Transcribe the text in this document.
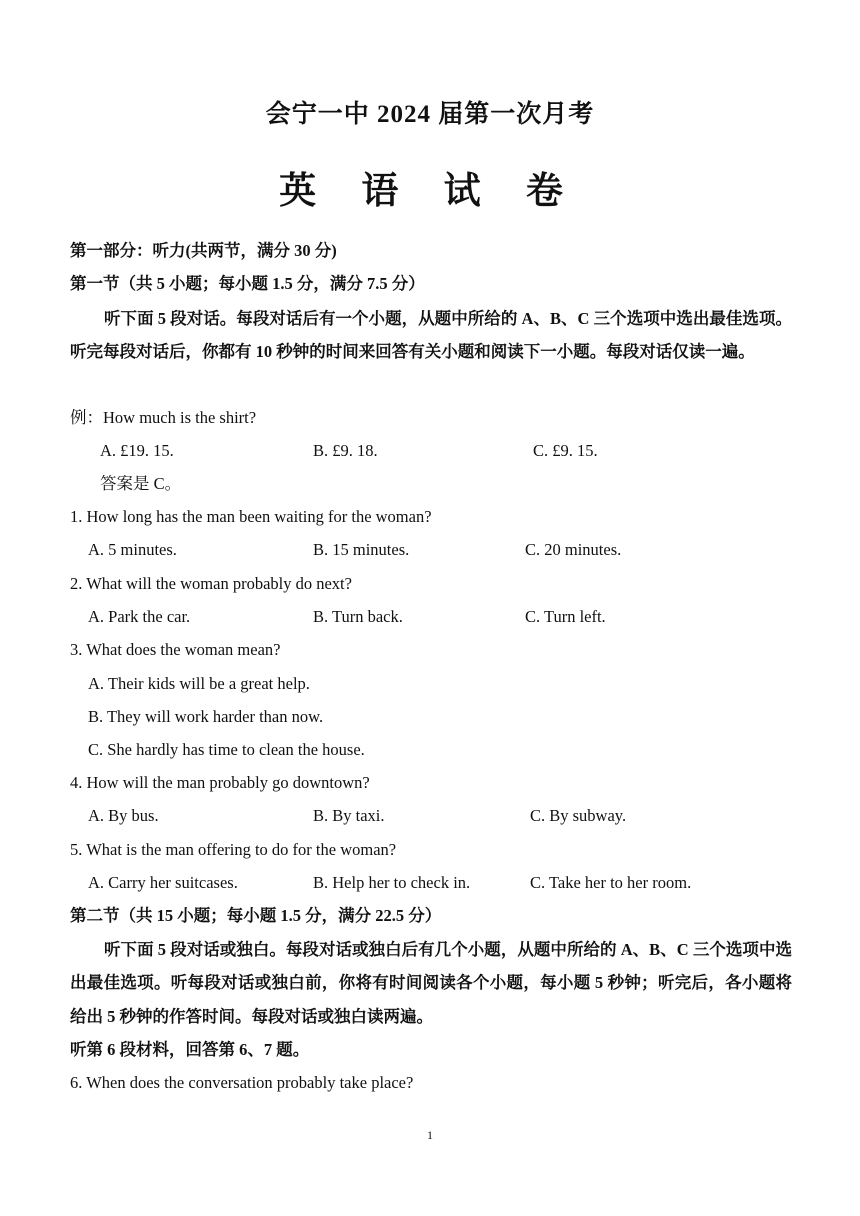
会宁一中 2024 届第一次月考
英 语 试 卷
第一部分：听力(共两节，满分 30 分)
第一节（共 5 小题；每小题 1.5 分，满分 7.5 分）
听下面 5 段对话。每段对话后有一个小题，从题中所给的 A、B、C 三个选项中选出最佳选项。听完每段对话后，你都有 10 秒钟的时间来回答有关小题和阅读下一小题。每段对话仅读一遍。
例：How much is the shirt?
A. £19. 15.	B. £9. 18.	C. £9. 15.
答案是 C。
1. How long has the man been waiting for the woman?
A. 5 minutes.	B. 15 minutes.	C. 20 minutes.
2. What will the woman probably do next?
A. Park the car.	B. Turn back.	C. Turn left.
3. What does the woman mean?
A. Their kids will be a great help.
B. They will work harder than now.
C. She hardly has time to clean the house.
4. How will the man probably go downtown?
A. By bus.	B. By taxi.	C. By subway.
5. What is the man offering to do for the woman?
A. Carry her suitcases.	B. Help her to check in.	C. Take her to her room.
第二节（共 15 小题；每小题 1.5 分，满分 22.5 分）
听下面 5 段对话或独白。每段对话或独白后有几个小题，从题中所给的 A、B、C 三个选项中选出最佳选项。听每段对话或独白前，你将有时间阅读各个小题，每小题 5 秒钟；听完后，各小题将给出 5 秒钟的作答时间。每段对话或独白读两遍。
听第 6 段材料，回答第 6、7 题。
6. When does the conversation probably take place?
1
